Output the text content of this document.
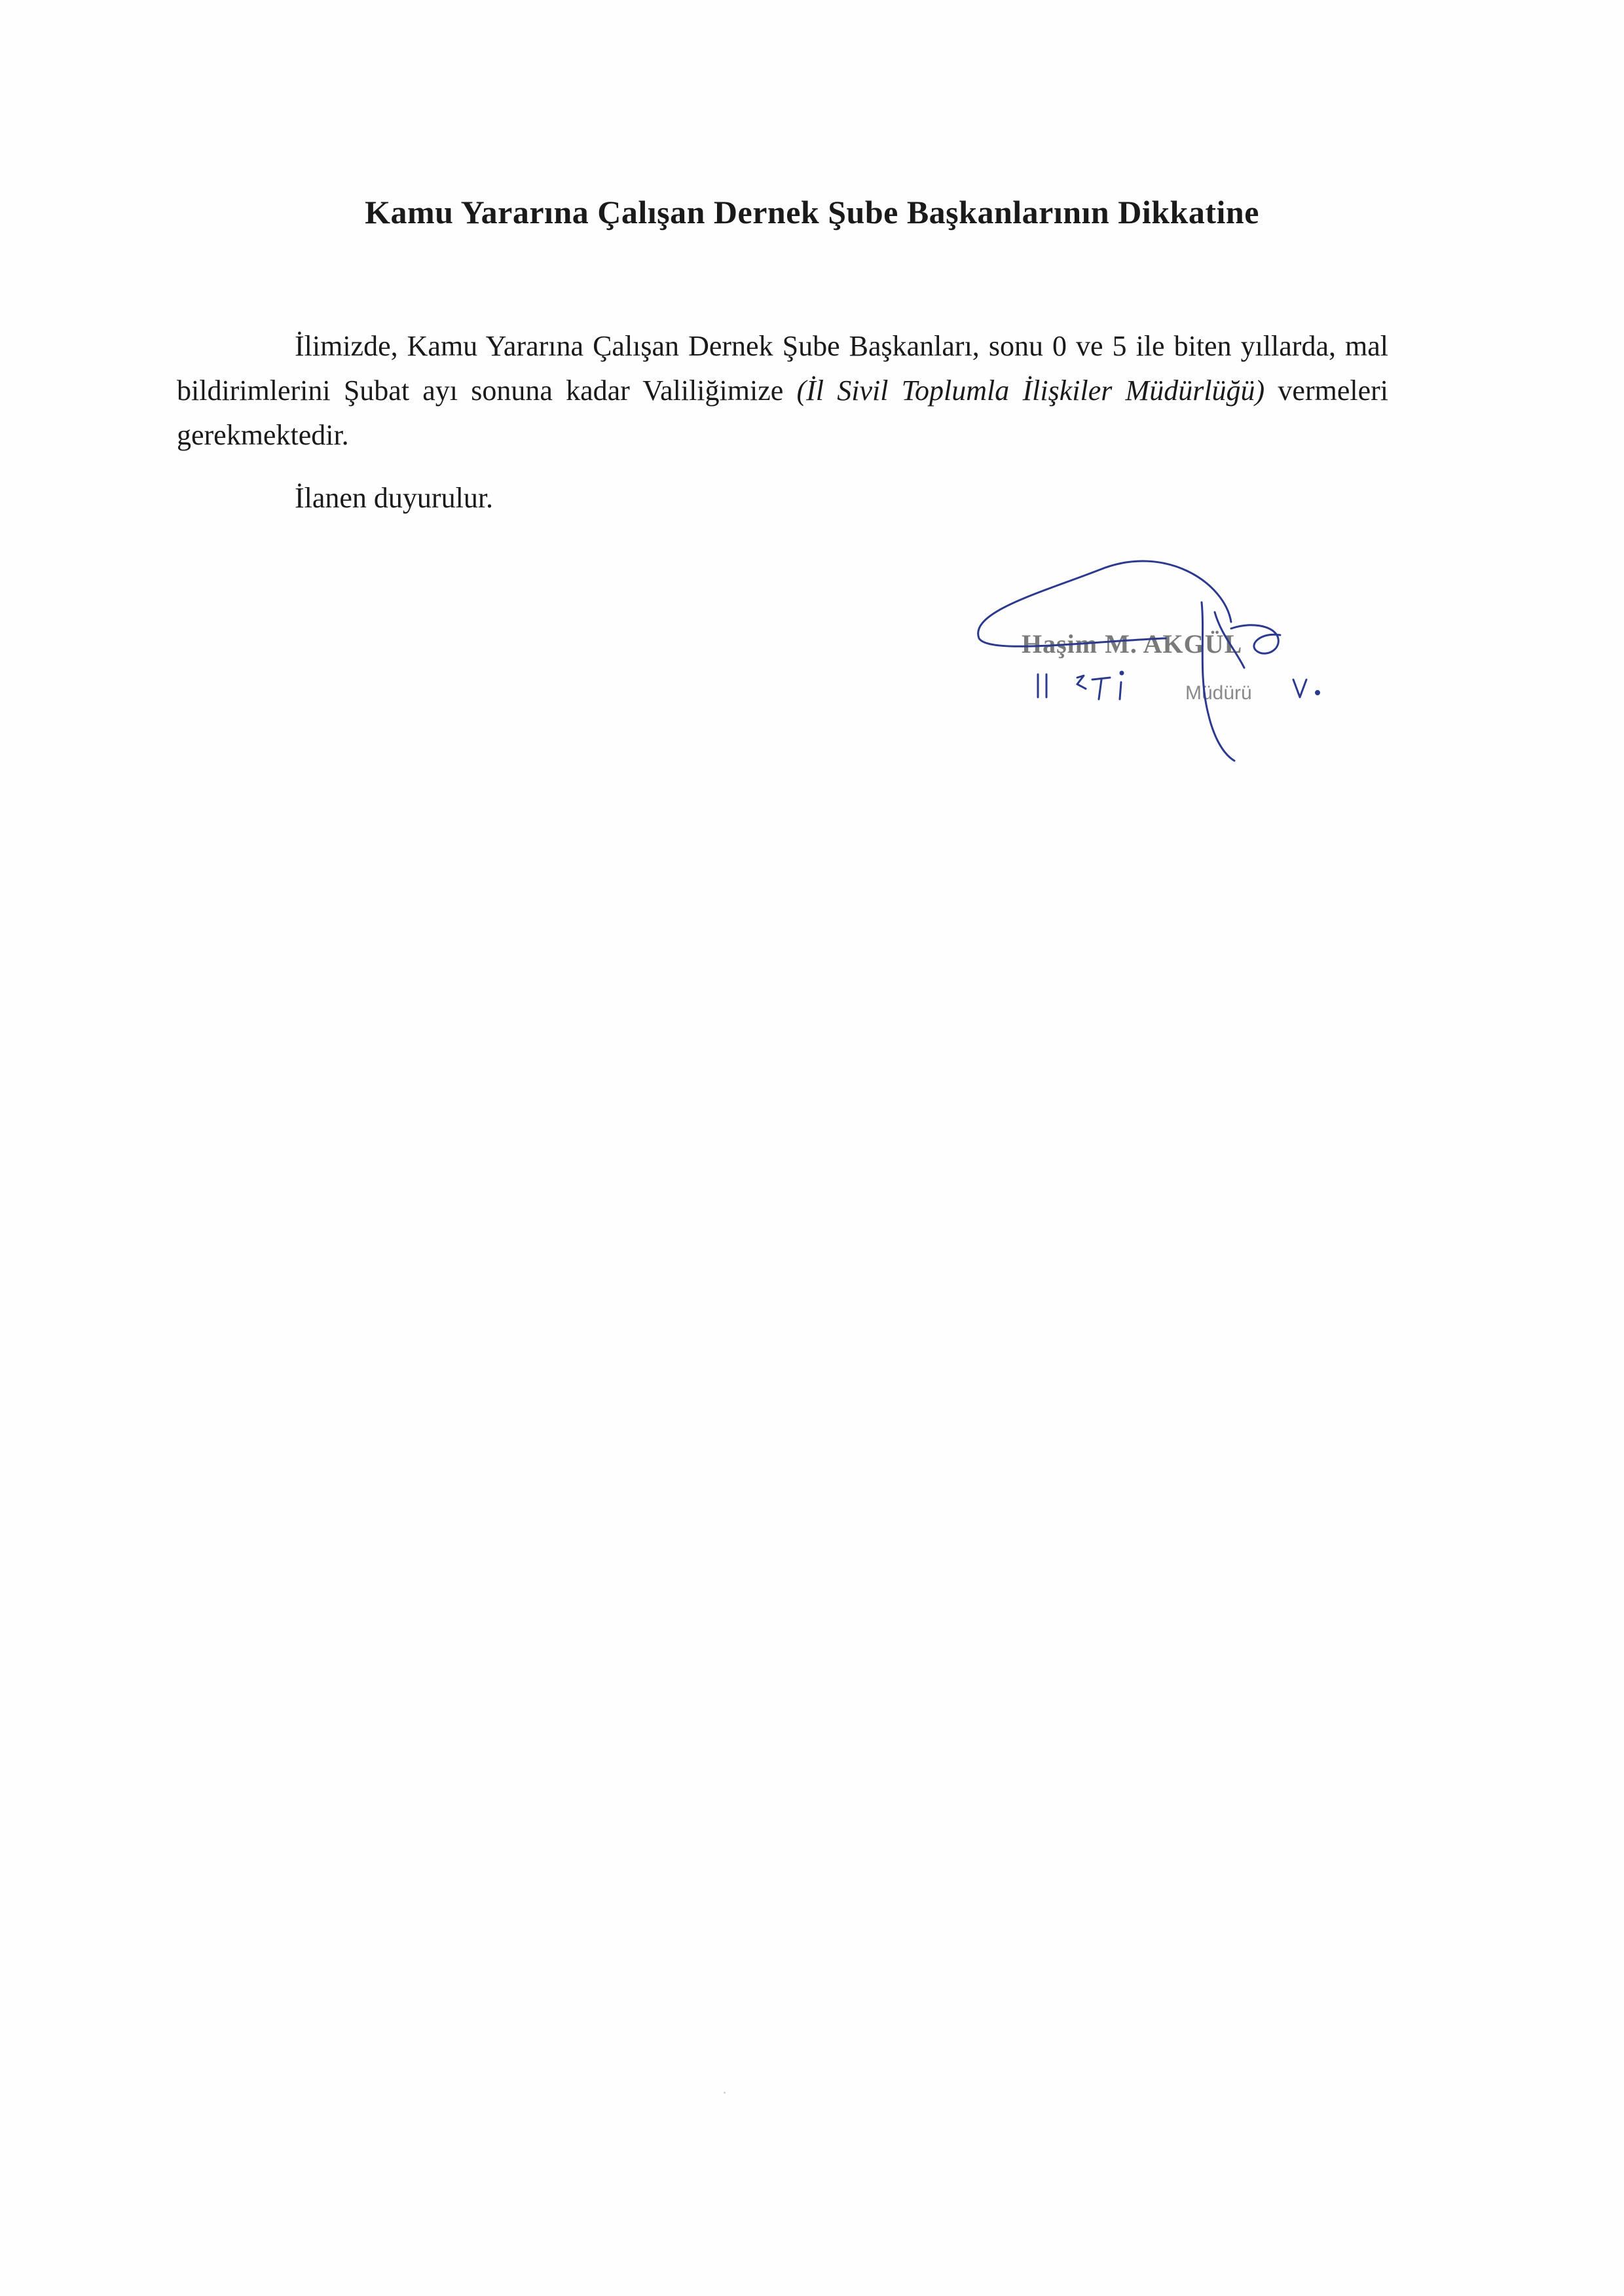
Kamu Yararına Çalışan Dernek Şube Başkanlarının Dikkatine

İlimizde, Kamu Yararına Çalışan Dernek Şube Başkanları, sonu 0 ve 5 ile biten yıllarda, mal bildirimlerini Şubat ayı sonuna kadar Valiliğimize (İl Sivil Toplumla İlişkiler Müdürlüğü) vermeleri gerekmektedir.

İlanen duyurulur.

Haşim M. AKGÜL
Müdürü
